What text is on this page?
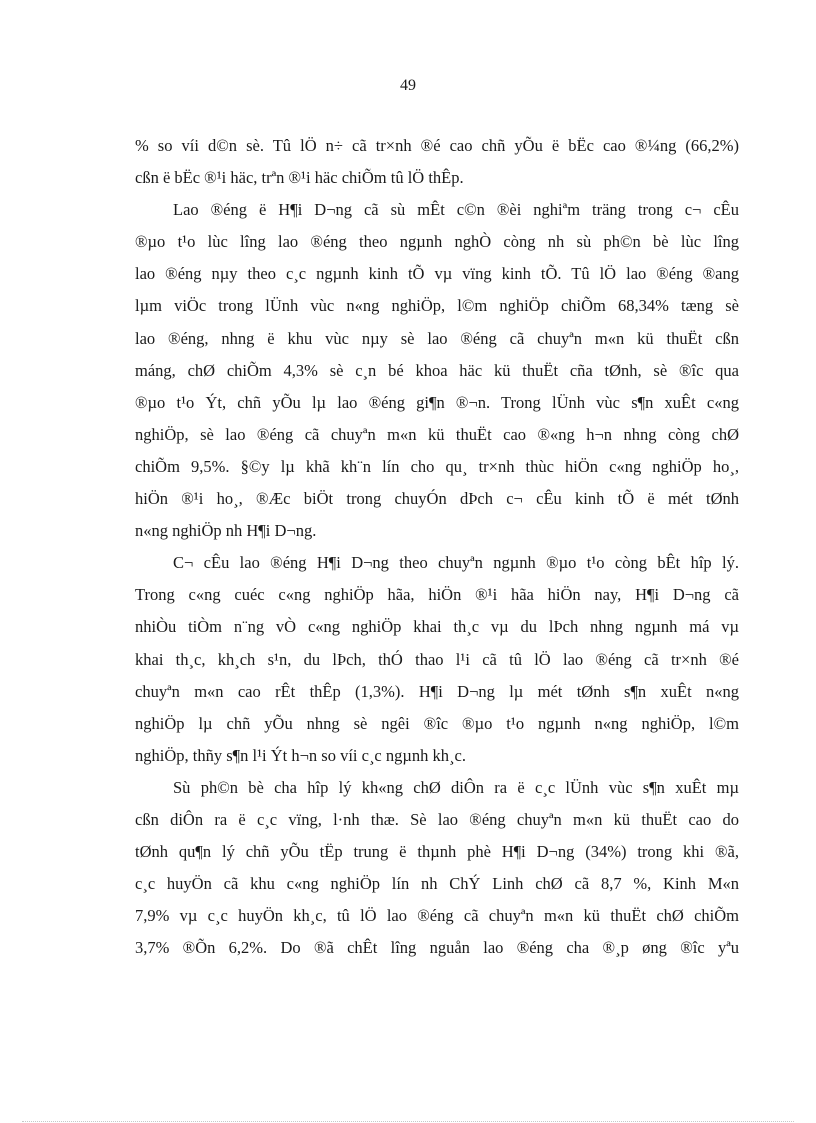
49
% so víi d©n sè. Tû lÖ n÷ cã tr×nh ®é cao chñ yÕu ë bËc cao ®¼ng (66,2%)
cßn ë bËc ®¹i häc, trªn ®¹i häc chiÕm tû lÖ thÊp.
Lao ®éng ë H¶i D¬ng cã sù mÊt c©n ®èi nghiªm träng trong c¬ cÊu
®µo t¹o lùc lîng lao ®éng theo ngµnh nghÒ còng nh sù ph©n bè lùc lîng
lao ®éng nµy theo c¸c ngµnh kinh tÕ vµ vïng kinh tÕ. Tû lÖ lao ®éng ®ang
lµm viÖc trong lÜnh vùc n«ng nghiÖp, l©m nghiÖp chiÕm 68,34% tæng sè
lao ®éng, nhng ë khu vùc nµy sè lao ®éng cã chuyªn m«n kü thuËt cßn
máng, chØ chiÕm 4,3% sè c¸n bé khoa häc kü thuËt cña tØnh, sè ®îc qua
®µo t¹o Ýt, chñ yÕu lµ lao ®éng gi¶n ®¬n. Trong lÜnh vùc s¶n xuÊt c«ng
nghiÖp, sè lao ®éng cã chuyªn m«n kü thuËt cao ®«ng h¬n nhng còng chØ
chiÕm 9,5%. §©y lµ khã kh¨n lín cho qu¸ tr×nh thùc hiÖn c«ng nghiÖp ho¸,
hiÖn ®¹i ho¸, ®Æc biÖt trong chuyÓn dÞch c¬ cÊu kinh tÕ ë mét tØnh
n«ng nghiÖp nh H¶i D¬ng.
C¬ cÊu lao ®éng H¶i D¬ng theo chuyªn ngµnh ®µo t¹o còng bÊt hîp lý.
Trong c«ng cuéc c«ng nghiÖp hãa, hiÖn ®¹i hãa hiÖn nay, H¶i D¬ng cã
nhiÒu tiÒm n¨ng vÒ c«ng nghiÖp khai th¸c vµ du lÞch nhng ngµnh má vµ
khai th¸c, kh¸ch s¹n, du lÞch, thÓ thao l¹i cã tû lÖ lao ®éng cã tr×nh ®é
chuyªn m«n cao rÊt thÊp (1,3%). H¶i D¬ng lµ mét tØnh s¶n xuÊt n«ng
nghiÖp lµ chñ yÕu nhng sè ngêi ®îc ®µo t¹o ngµnh n«ng nghiÖp, l©m
nghiÖp, thñy s¶n l¹i Ýt h¬n so víi c¸c ngµnh kh¸c.
Sù ph©n bè cha hîp lý kh«ng chØ diÔn ra ë c¸c lÜnh vùc s¶n xuÊt mµ
cßn diÔn ra ë c¸c vïng, l·nh thæ. Sè lao ®éng chuyªn m«n kü thuËt cao do
tØnh qu¶n lý chñ yÕu tËp trung ë thµnh phè H¶i D¬ng (34%) trong khi ®ã,
c¸c huyÖn cã khu c«ng nghiÖp lín nh ChÝ Linh chØ cã 8,7 %, Kinh M«n
7,9% vµ c¸c huyÖn kh¸c, tû lÖ lao ®éng cã chuyªn m«n kü thuËt chØ chiÕm
3,7% ®Õn 6,2%. Do ®ã chÊt lîng nguån lao ®éng cha ®¸p øng ®îc yªu
